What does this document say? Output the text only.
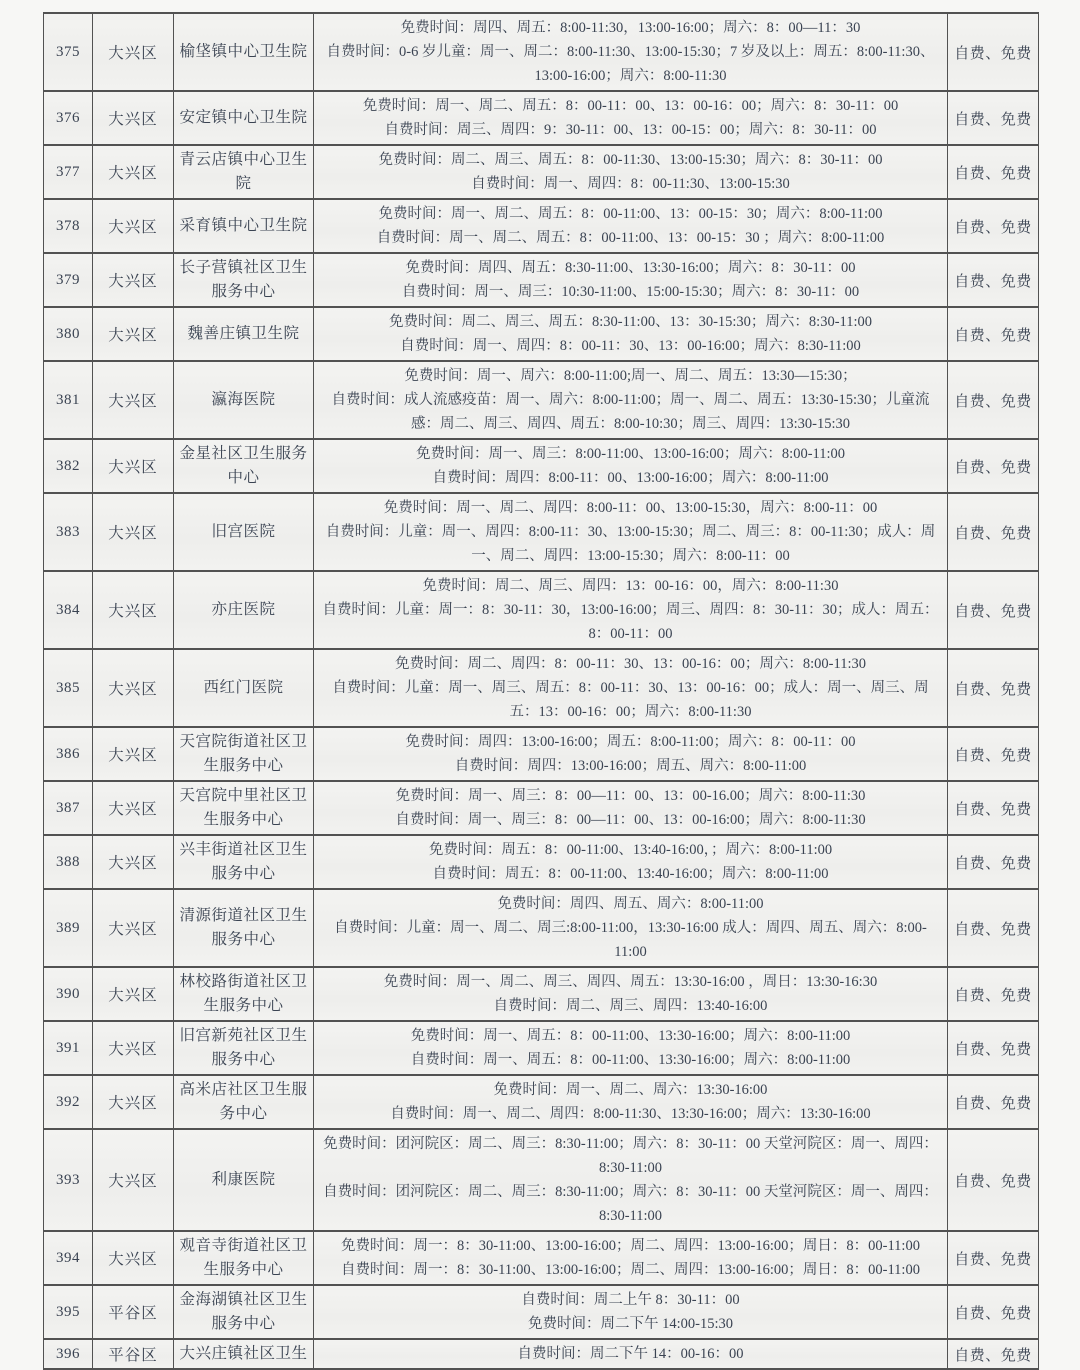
375	大兴区	榆垡镇中心卫生院	免费时间：周四、周五：8:00-11:30，13:00-16:00；周六：8：00—11：30
自费时间：0-6 岁儿童：周一、周二：8:00-11:30、13:00-15:30；7 岁及以上：周五：8:00-11:30、13:00-16:00；周六：8:00-11:30	自费、免费
376	大兴区	安定镇中心卫生院	免费时间：周一、周二、周五：8：00-11：00、13：00-16：00；周六：8：30-11：00
自费时间：周三、周四：9：30-11：00、13：00-15：00；周六：8：30-11：00	自费、免费
377	大兴区	青云店镇中心卫生院	免费时间：周二、周三、周五：8：00-11:30、13:00-15:30；周六：8：30-11：00
自费时间：周一、周四：8：00-11:30、13:00-15:30	自费、免费
378	大兴区	采育镇中心卫生院	免费时间：周一、周二、周五：8：00-11:00、13：00-15：30；周六：8:00-11:00
自费时间：周一、周二、周五：8：00-11:00、13：00-15：30 ；周六：8:00-11:00	自费、免费
379	大兴区	长子营镇社区卫生服务中心	免费时间：周四、周五：8:30-11:00、13:30-16:00；周六：8：30-11：00
自费时间：周一、周三：10:30-11:00、15:00-15:30；周六：8：30-11：00	自费、免费
380	大兴区	魏善庄镇卫生院	免费时间：周二、周三、周五：8:30-11:00、13：30-15:30；周六：8:30-11:00
自费时间：周一、周四：8：00-11：30、13：00-16:00；周六：8:30-11:00	自费、免费
381	大兴区	瀛海医院	免费时间：周一、周六：8:00-11:00;周一、周二、周五：13:30—15:30；
自费时间：成人流感疫苗：周一、周六：8:00-11:00；周一、周二、周五：13:30-15:30；儿童流感：周二、周三、周四、周五：8:00-10:30；周三、周四：13:30-15:30	自费、免费
382	大兴区	金星社区卫生服务中心	免费时间：周一、周三：8:00-11:00、13:00-16:00；周六：8:00-11:00
自费时间：周四：8:00-11：00、13:00-16:00；周六：8:00-11:00	自费、免费
383	大兴区	旧宫医院	免费时间：周一、周二、周四：8:00-11：00、13:00-15:30，周六：8:00-11：00
自费时间：儿童：周一、周四：8:00-11：30、13:00-15:30；周二、周三：8：00-11:30；成人：周一、周二、周四：13:00-15:30；周六：8:00-11：00	自费、免费
384	大兴区	亦庄医院	免费时间：周二、周三、周四：13：00-16：00，周六：8:00-11:30
自费时间：儿童：周一：8：30-11：30，13:00-16:00；周三、周四：8：30-11：30；成人：周五：8：00-11：00	自费、免费
385	大兴区	西红门医院	免费时间：周二、周四：8：00-11：30、13：00-16：00；周六：8:00-11:30
自费时间：儿童：周一、周三、周五：8：00-11：30、13：00-16：00；成人：周一、周三、周五：13：00-16：00；周六：8:00-11:30	自费、免费
386	大兴区	天宫院街道社区卫生服务中心	免费时间：周四：13:00-16:00；周五：8:00-11:00；周六：8：00-11：00
自费时间：周四：13:00-16:00；周五、周六：8:00-11:00	自费、免费
387	大兴区	天宫院中里社区卫生服务中心	免费时间：周一、周三：8：00—11：00、13：00-16.00；周六：8:00-11:30
自费时间：周一、周三：8：00—11：00、13：00-16:00；周六：8:00-11:30	自费、免费
388	大兴区	兴丰街道社区卫生服务中心	免费时间：周五：8：00-11:00、13:40-16:00，；周六：8:00-11:00
自费时间：周五：8：00-11:00、13:40-16:00；周六：8:00-11:00	自费、免费
389	大兴区	清源街道社区卫生服务中心	免费时间：周四、周五、周六：8:00-11:00
自费时间：儿童：周一、周二、周三:8:00-11:00，13:30-16:00 成人：周四、周五、周六：8:00-11:00	自费、免费
390	大兴区	林校路街道社区卫生服务中心	免费时间：周一、周二、周三、周四、周五：13:30-16:00 ，周日：13:30-16:30
自费时间：周二、周三、周四：13:40-16:00	自费、免费
391	大兴区	旧宫新苑社区卫生服务中心	免费时间：周一、周五：8：00-11:00、13:30-16:00；周六：8:00-11:00
自费时间：周一、周五：8：00-11:00、13:30-16:00；周六：8:00-11:00	自费、免费
392	大兴区	高米店社区卫生服务中心	免费时间：周一、周二、周六：13:30-16:00
自费时间：周一、周二、周四：8:00-11:30、13:30-16:00；周六：13:30-16:00	自费、免费
393	大兴区	利康医院	免费时间：团河院区：周二、周三：8:30-11:00；周六：8：30-11：00 天堂河院区：周一、周四：8:30-11:00
自费时间：团河院区：周二、周三：8:30-11:00；周六：8：30-11：00 天堂河院区：周一、周四：8:30-11:00	自费、免费
394	大兴区	观音寺街道社区卫生服务中心	免费时间：周一：8：30-11:00、13:00-16:00；周二、周四：13:00-16:00；周日：8：00-11:00
自费时间：周一：8：30-11:00、13:00-16:00；周二、周四：13:00-16:00；周日：8：00-11:00	自费、免费
395	平谷区	金海湖镇社区卫生服务中心	自费时间：周二上午 8：30-11：00
免费时间：周二下午 14:00-15:30	自费、免费
396	平谷区	大兴庄镇社区卫生	自费时间：周二下午 14：00-16：00	自费、免费
